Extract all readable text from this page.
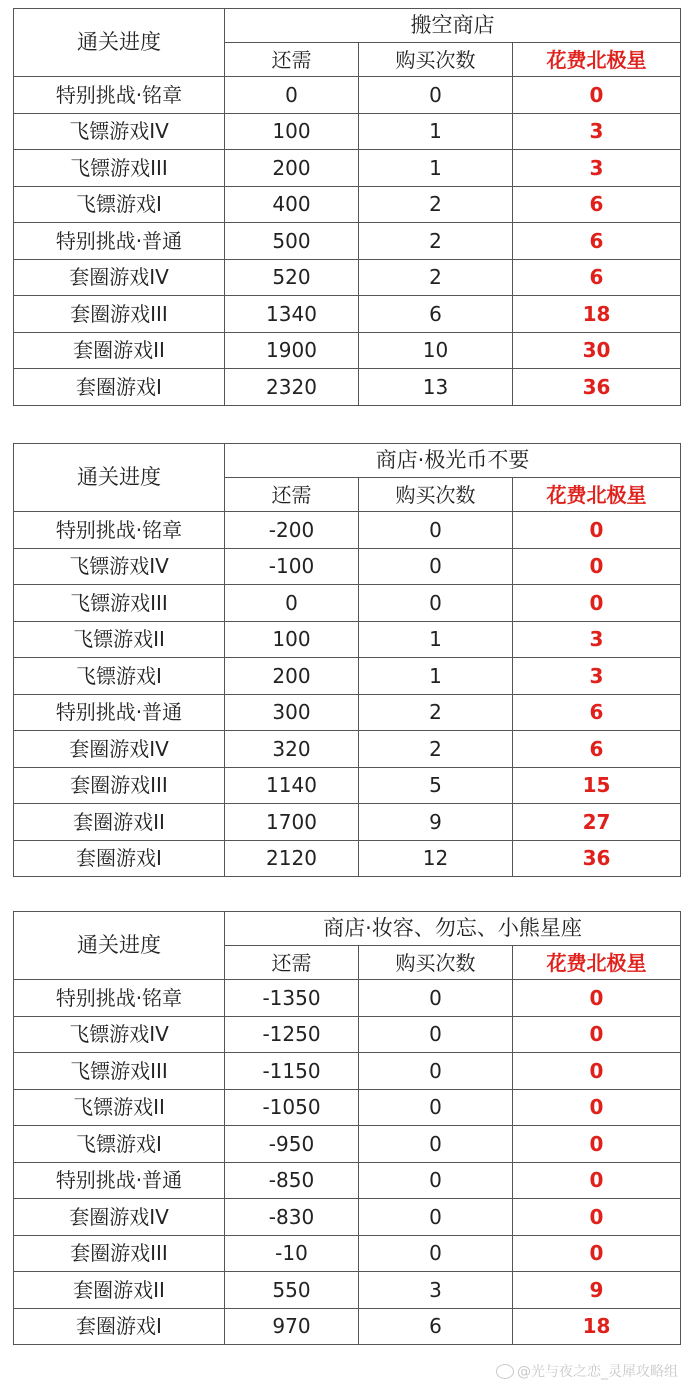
通关进度	搬空商店		
	还需	购买次数	花费北极星
特别挑战·铭章	0	0	0
飞镖游戏IV	100	1	3
飞镖游戏III	200	1	3
飞镖游戏I	400	2	6
特别挑战·普通	500	2	6
套圈游戏IV	520	2	6
套圈游戏III	1340	6	18
套圈游戏II	1900	10	30
套圈游戏I	2320	13	36
通关进度	商店·极光币不要		
	还需	购买次数	花费北极星
特别挑战·铭章	-200	0	0
飞镖游戏IV	-100	0	0
飞镖游戏III	0	0	0
飞镖游戏II	100	1	3
飞镖游戏I	200	1	3
特别挑战·普通	300	2	6
套圈游戏IV	320	2	6
套圈游戏III	1140	5	15
套圈游戏II	1700	9	27
套圈游戏I	2120	12	36
通关进度	商店·妆容、勿忘、小熊星座		
	还需	购买次数	花费北极星
特别挑战·铭章	-1350	0	0
飞镖游戏IV	-1250	0	0
飞镖游戏III	-1150	0	0
飞镖游戏II	-1050	0	0
飞镖游戏I	-950	0	0
特别挑战·普通	-850	0	0
套圈游戏IV	-830	0	0
套圈游戏III	-10	0	0
套圈游戏II	550	3	9
套圈游戏I	970	6	18
@光与夜之恋_灵犀攻略组
